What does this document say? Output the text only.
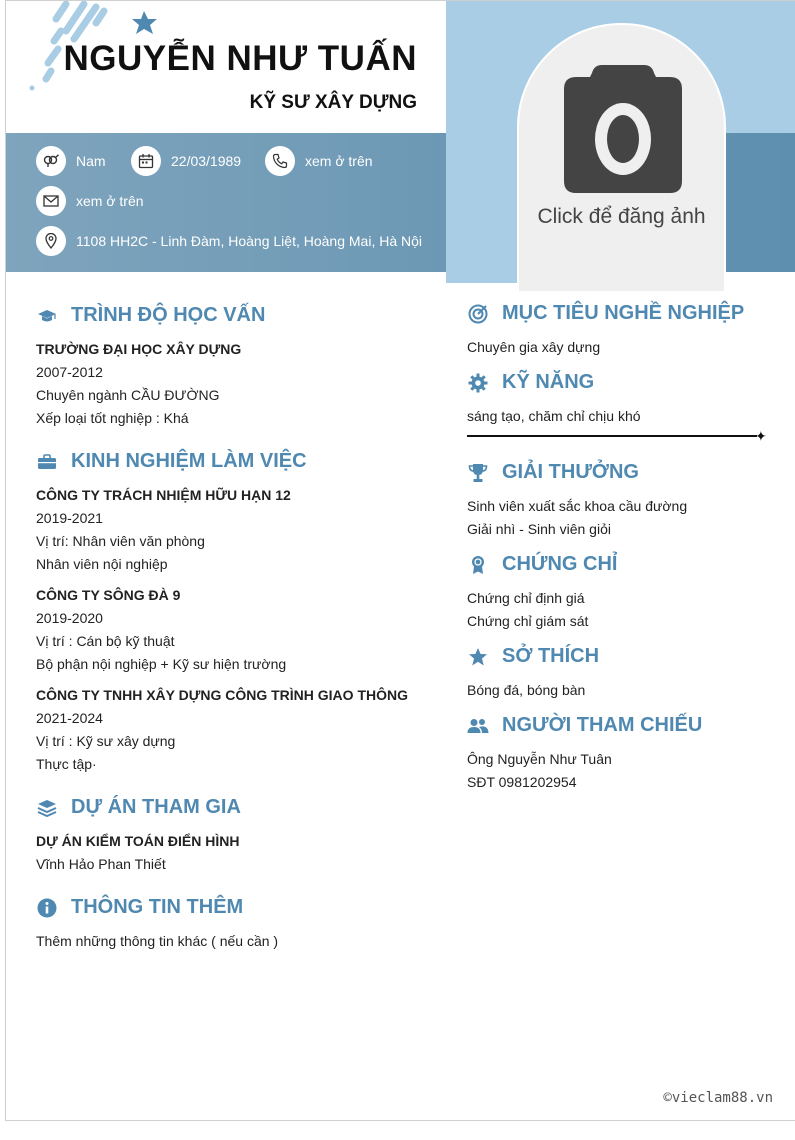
NGUYỄN NHƯ TUẤN
KỸ SƯ XÂY DỰNG
Nam	22/03/1989	xem ở trên
xem ở trên
1108 HH2C - Linh Đàm, Hoàng Liệt, Hoàng Mai, Hà Nội
Click để đăng ảnh
TRÌNH ĐỘ HỌC VẤN
TRƯỜNG ĐẠI HỌC XÂY DỰNG
2007-2012
Chuyên ngành CẦU ĐƯỜNG
Xếp loại tốt nghiệp : Khá
KINH NGHIỆM LÀM VIỆC
CÔNG TY TRÁCH NHIỆM HỮU HẠN 12
2019-2021
Vị trí: Nhân viên văn phòng
Nhân viên nội nghiệp
CÔNG TY SÔNG ĐÀ 9
2019-2020
Vị trí : Cán bộ kỹ thuật
Bộ phận nội nghiệp + Kỹ sư hiện trường
CÔNG TY TNHH XÂY DỰNG CÔNG TRÌNH GIAO THÔNG
2021-2024
Vị trí : Kỹ sư xây dựng
Thực tập·
DỰ ÁN THAM GIA
DỰ ÁN KIỂM TOÁN ĐIỂN HÌNH
Vĩnh Hảo Phan Thiết
THÔNG TIN THÊM
Thêm những thông tin khác ( nếu cần )
MỤC TIÊU NGHỀ NGHIỆP
Chuyên gia xây dựng
KỸ NĂNG
sáng tạo, chăm chỉ chịu khó
✦
GIẢI THƯỞNG
Sinh viên xuất sắc khoa cầu đường
Giải nhì - Sinh viên giỏi
CHỨNG CHỈ
Chứng chỉ định giá
Chứng chỉ giám sát
SỞ THÍCH
Bóng đá, bóng bàn
NGƯỜI THAM CHIẾU
Ông Nguyễn Như Tuân
SĐT 0981202954
©vieclam88.vn
